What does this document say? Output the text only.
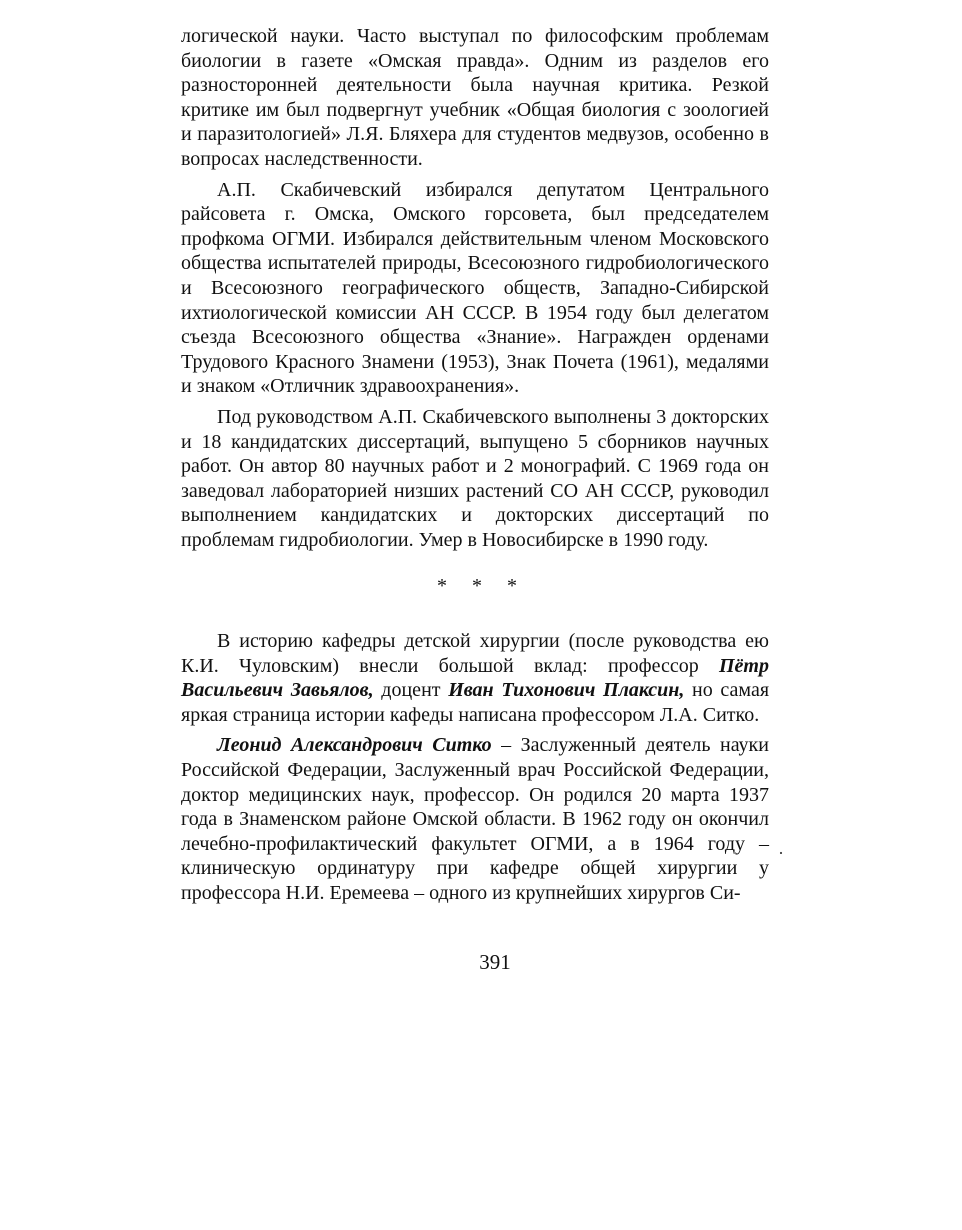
логической науки. Часто выступал по философским проблемам биологии в газете «Омская правда». Одним из разделов его разносторонней деятельности была научная критика. Резкой критике им был подвергнут учебник «Общая биология с зоологией и паразитологией» Л.Я. Бляхера для студентов медвузов, особенно в вопросах наследственности.

А.П. Скабичевский избирался депутатом Центрального райсовета г. Омска, Омского горсовета, был председателем профкома ОГМИ. Избирался действительным членом Московского общества испытателей природы, Всесоюзного гидробиологического и Всесоюзного географического обществ, Западно-Сибирской ихтиологической комиссии АН СССР. В 1954 году был делегатом съезда Всесоюзного общества «Знание». Награжден орденами Трудового Красного Знамени (1953), Знак Почета (1961), медалями и знаком «Отличник здравоохранения».

Под руководством А.П. Скабичевского выполнены 3 докторских и 18 кандидатских диссертаций, выпущено 5 сборников научных работ. Он автор 80 научных работ и 2 монографий. С 1969 года он заведовал лабораторией низших растений СО АН СССР, руководил выполнением кандидатских и докторских диссертаций по проблемам гидробиологии. Умер в Новосибирске в 1990 году.

* * *

В историю кафедры детской хирургии (после руководства ею К.И. Чуловским) внесли большой вклад: профессор Пётр Васильевич Завьялов, доцент Иван Тихонович Плаксин, но самая яркая страница истории кафеды написана профессором Л.А. Ситко.

Леонид Александрович Ситко – Заслуженный деятель науки Российской Федерации, Заслуженный врач Российской Федерации, доктор медицинских наук, профессор. Он родился 20 марта 1937 года в Знаменском районе Омской области. В 1962 году он окончил лечебно-профилактический факультет ОГМИ, а в 1964 году – клиническую ординатуру при кафедре общей хирургии у профессора Н.И. Еремеева – одного из крупнейших хирургов Си-

·
391
